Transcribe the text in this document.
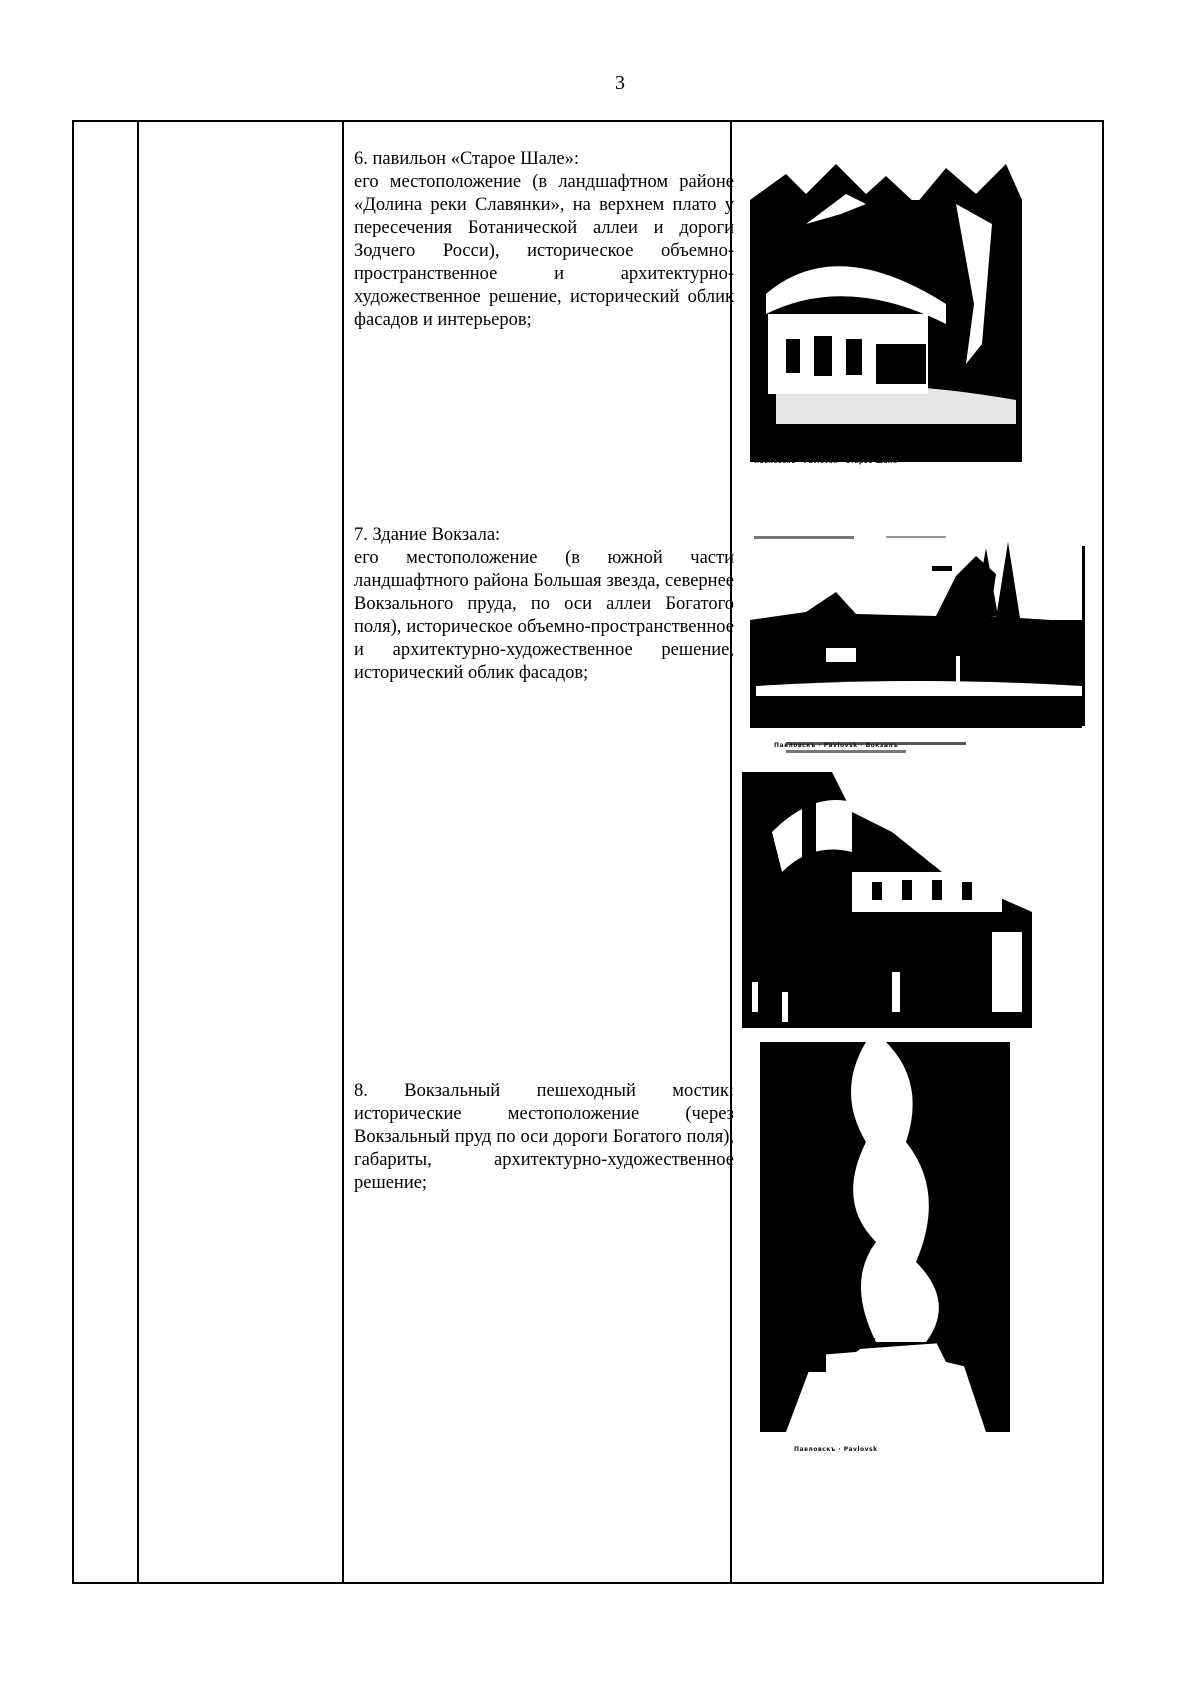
3

6. павильон «Старое Шале»:

его местоположение (в ландшафтном районе «Долина реки Славянки», на верхнем плато у пересечения Ботанической аллеи и дороги Зодчего Росси), историческое объемно-пространственное и архитектурно-художественное решение, исторический облик фасадов и интерьеров;

7. Здание Вокзала:

его местоположение (в южной части ландшафтного района Большая звезда, севернее Вокзального пруда, по оси аллеи Богатого поля), историческое объемно-пространственное и архитектурно-художественное решение, исторический облик фасадов;

8. Вокзальный пешеходный мостик: исторические местоположение (через Вокзальный пруд по оси дороги Богатого поля), габариты, архитектурно-художественное решение;

Павловскъ · Pavlovsk · Старое Шале
Павловскъ · Pavlovsk · Вокзалъ
Павловскъ · Pavlovsk
